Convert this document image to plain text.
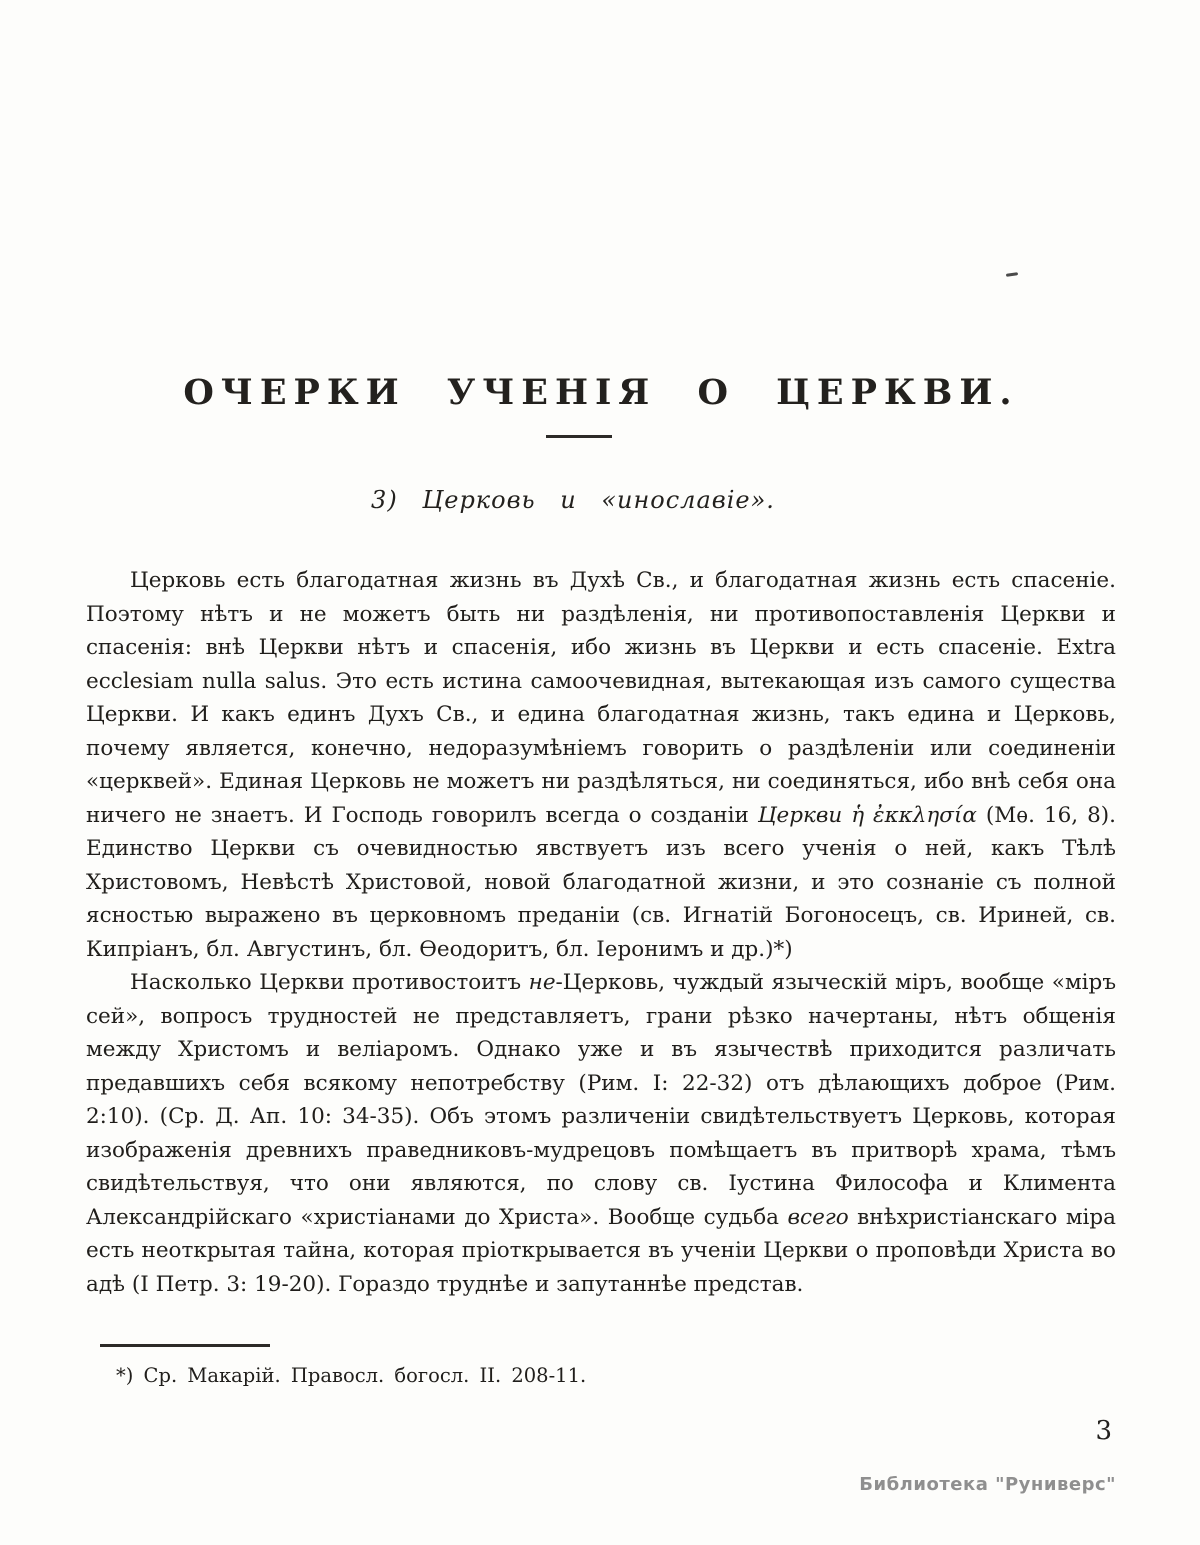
ОЧЕРКИ УЧЕНІЯ О ЦЕРКВИ.
3) Церковь и «инославіе».

Церковь есть благодатная жизнь въ Духѣ Св., и благодатная жизнь есть спасеніе. Поэтому нѣтъ и не можетъ быть ни раздѣленія, ни противопоставленія Церкви и спасенія: внѣ Церкви нѣтъ и спасенія, ибо жизнь въ Церкви и есть спасеніе. Extra ecclesiam nulla salus. Это есть истина самоочевидная, вытекающая изъ самого существа Церкви. И какъ единъ Духъ Св., и едина благодатная жизнь, такъ едина и Церковь, почему является, конечно, недоразумѣніемъ говорить о раздѣленіи или соединеніи «церквей». Единая Церковь не можетъ ни раздѣляться, ни соединяться, ибо внѣ себя она ничего не знаетъ. И Господь говорилъ всегда о созданіи Церкви ἡ ἐκκλησία (Мѳ. 16, 8). Единство Церкви съ очевидностью явствуетъ изъ всего ученія о ней, какъ Тѣлѣ Христовомъ, Невѣстѣ Христовой, новой благодатной жизни, и это сознаніе съ полной ясностью выражено въ церковномъ преданіи (св. Игнатій Богоносецъ, св. Ириней, св. Кипріанъ, бл. Августинъ, бл. Ѳеодоритъ, бл. Іеронимъ и др.)*)

Насколько Церкви противостоитъ не-Церковь, чуждый языческій міръ, вообще «міръ сей», вопросъ трудностей не представляетъ, грани рѣзко начертаны, нѣтъ общенія между Христомъ и веліаромъ. Однако уже и въ язычествѣ приходится различать предавшихъ себя всякому непотребству (Рим. I: 22-32) отъ дѣлающихъ доброе (Рим. 2:10). (Ср. Д. Ап. 10: 34-35). Объ этомъ различеніи свидѣтельствуетъ Церковь, которая изображенія древнихъ праведниковъ-мудрецовъ помѣщаетъ въ притворѣ храма, тѣмъ свидѣтельствуя, что они являются, по слову св. Іустина Философа и Климента Александрійскаго «христіанами до Христа». Вообще судьба всего внѣхристіанскаго міра есть неоткрытая тайна, которая пріоткрывается въ ученіи Церкви о проповѣди Христа во адѣ (I Петр. 3: 19-20). Гораздо труднѣе и запутаннѣе представ.

*) Ср. Макарій. Правосл. богосл. II. 208-11.

3
Библиотека "Руниверс"
